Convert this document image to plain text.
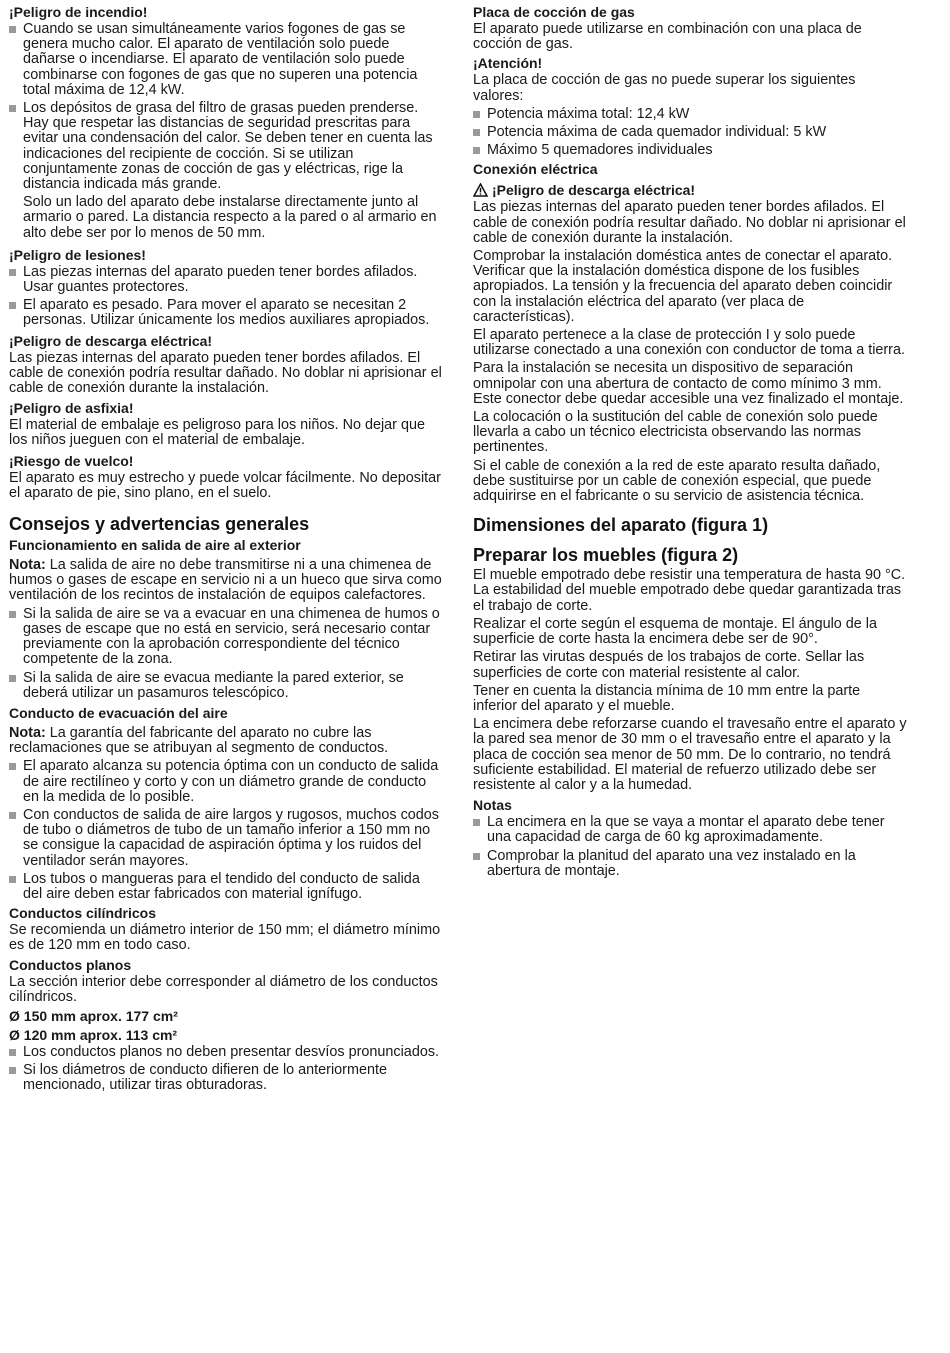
¡Peligro de incendio!
Cuando se usan simultáneamente varios fogones de gas se genera mucho calor. El aparato de ventilación solo puede dañarse o incendiarse. El aparato de ventilación solo puede combinarse con fogones de gas que no superen una potencia total máxima de 12,4 kW.
Los depósitos de grasa del filtro de grasas pueden prenderse. Hay que respetar las distancias de seguridad prescritas para evitar una condensación del calor. Se deben tener en cuenta las indicaciones del recipiente de cocción. Si se utilizan conjuntamente zonas de cocción de gas y eléctricas, rige la distancia indicada más grande.
Solo un lado del aparato debe instalarse directamente junto al armario o pared. La distancia respecto a la pared o al armario en alto debe ser por lo menos de 50 mm.
¡Peligro de lesiones!
Las piezas internas del aparato pueden tener bordes afilados. Usar guantes protectores.
El aparato es pesado. Para mover el aparato se necesitan 2 personas. Utilizar únicamente los medios auxiliares apropiados.
¡Peligro de descarga eléctrica!
Las piezas internas del aparato pueden tener bordes afilados. El cable de conexión podría resultar dañado. No doblar ni aprisionar el cable de conexión durante la instalación.
¡Peligro de asfixia!
El material de embalaje es peligroso para los niños. No dejar que los niños jueguen con el material de embalaje.
¡Riesgo de vuelco!
El aparato es muy estrecho y puede volcar fácilmente. No depositar el aparato de pie, sino plano, en el suelo.
Consejos y advertencias generales
Funcionamiento en salida de aire al exterior
Nota: La salida de aire no debe transmitirse ni a una chimenea de humos o gases de escape en servicio ni a un hueco que sirva como ventilación de los recintos de instalación de equipos calefactores.
Si la salida de aire se va a evacuar en una chimenea de humos o gases de escape que no está en servicio, será necesario contar previamente con la aprobación correspondiente del técnico competente de la zona.
Si la salida de aire se evacua mediante la pared exterior, se deberá utilizar un pasamuros telescópico.
Conducto de evacuación del aire
Nota: La garantía del fabricante del aparato no cubre las reclamaciones que se atribuyan al segmento de conductos.
El aparato alcanza su potencia óptima con un conducto de salida de aire rectilíneo y corto y con un diámetro grande de conducto en la medida de lo posible.
Con conductos de salida de aire largos y rugosos, muchos codos de tubo o diámetros de tubo de un tamaño inferior a 150 mm no se consigue la capacidad de aspiración óptima y los ruidos del ventilador serán mayores.
Los tubos o mangueras para el tendido del conducto de salida del aire deben estar fabricados con material ignífugo.
Conductos cilíndricos
Se recomienda un diámetro interior de 150 mm; el diámetro mínimo es de 120 mm en todo caso.
Conductos planos
La sección interior debe corresponder al diámetro de los conductos cilíndricos.
Ø 150 mm aprox. 177 cm²
Ø 120 mm aprox. 113 cm²
Los conductos planos no deben presentar desvíos pronunciados.
Si los diámetros de conducto difieren de lo anteriormente mencionado, utilizar tiras obturadoras.
Placa de cocción de gas
El aparato puede utilizarse en combinación con una placa de cocción de gas.
¡Atención!
La placa de cocción de gas no puede superar los siguientes valores:
Potencia máxima total: 12,4 kW
Potencia máxima de cada quemador individual: 5 kW
Máximo 5 quemadores individuales
Conexión eléctrica
¡Peligro de descarga eléctrica!
Las piezas internas del aparato pueden tener bordes afilados. El cable de conexión podría resultar dañado. No doblar ni aprisionar el cable de conexión durante la instalación.
Comprobar la instalación doméstica antes de conectar el aparato. Verificar que la instalación doméstica dispone de los fusibles apropiados. La tensión y la frecuencia del aparato deben coincidir con la instalación eléctrica del aparato (ver placa de características).
El aparato pertenece a la clase de protección I y solo puede utilizarse conectado a una conexión con conductor de toma a tierra.
Para la instalación se necesita un dispositivo de separación omnipolar con una abertura de contacto de como mínimo 3 mm. Este conector debe quedar accesible una vez finalizado el montaje.
La colocación o la sustitución del cable de conexión solo puede llevarla a cabo un técnico electricista observando las normas pertinentes.
Si el cable de conexión a la red de este aparato resulta dañado, debe sustituirse por un cable de conexión especial, que puede adquirirse en el fabricante o su servicio de asistencia técnica.
Dimensiones del aparato (figura 1)
Preparar los muebles (figura 2)
El mueble empotrado debe resistir una temperatura de hasta 90 °C. La estabilidad del mueble empotrado debe quedar garantizada tras el trabajo de corte.
Realizar el corte según el esquema de montaje. El ángulo de la superficie de corte hasta la encimera debe ser de 90°.
Retirar las virutas después de los trabajos de corte. Sellar las superficies de corte con material resistente al calor.
Tener en cuenta la distancia mínima de 10 mm entre la parte inferior del aparato y el mueble.
La encimera debe reforzarse cuando el travesaño entre el aparato y la pared sea menor de 30 mm o el travesaño entre el aparato y la placa de cocción sea menor de 50 mm. De lo contrario, no tendrá suficiente estabilidad. El material de refuerzo utilizado debe ser resistente al calor y a la humedad.
Notas
La encimera en la que se vaya a montar el aparato debe tener una capacidad de carga de 60 kg aproximadamente.
Comprobar la planitud del aparato una vez instalado en la abertura de montaje.
